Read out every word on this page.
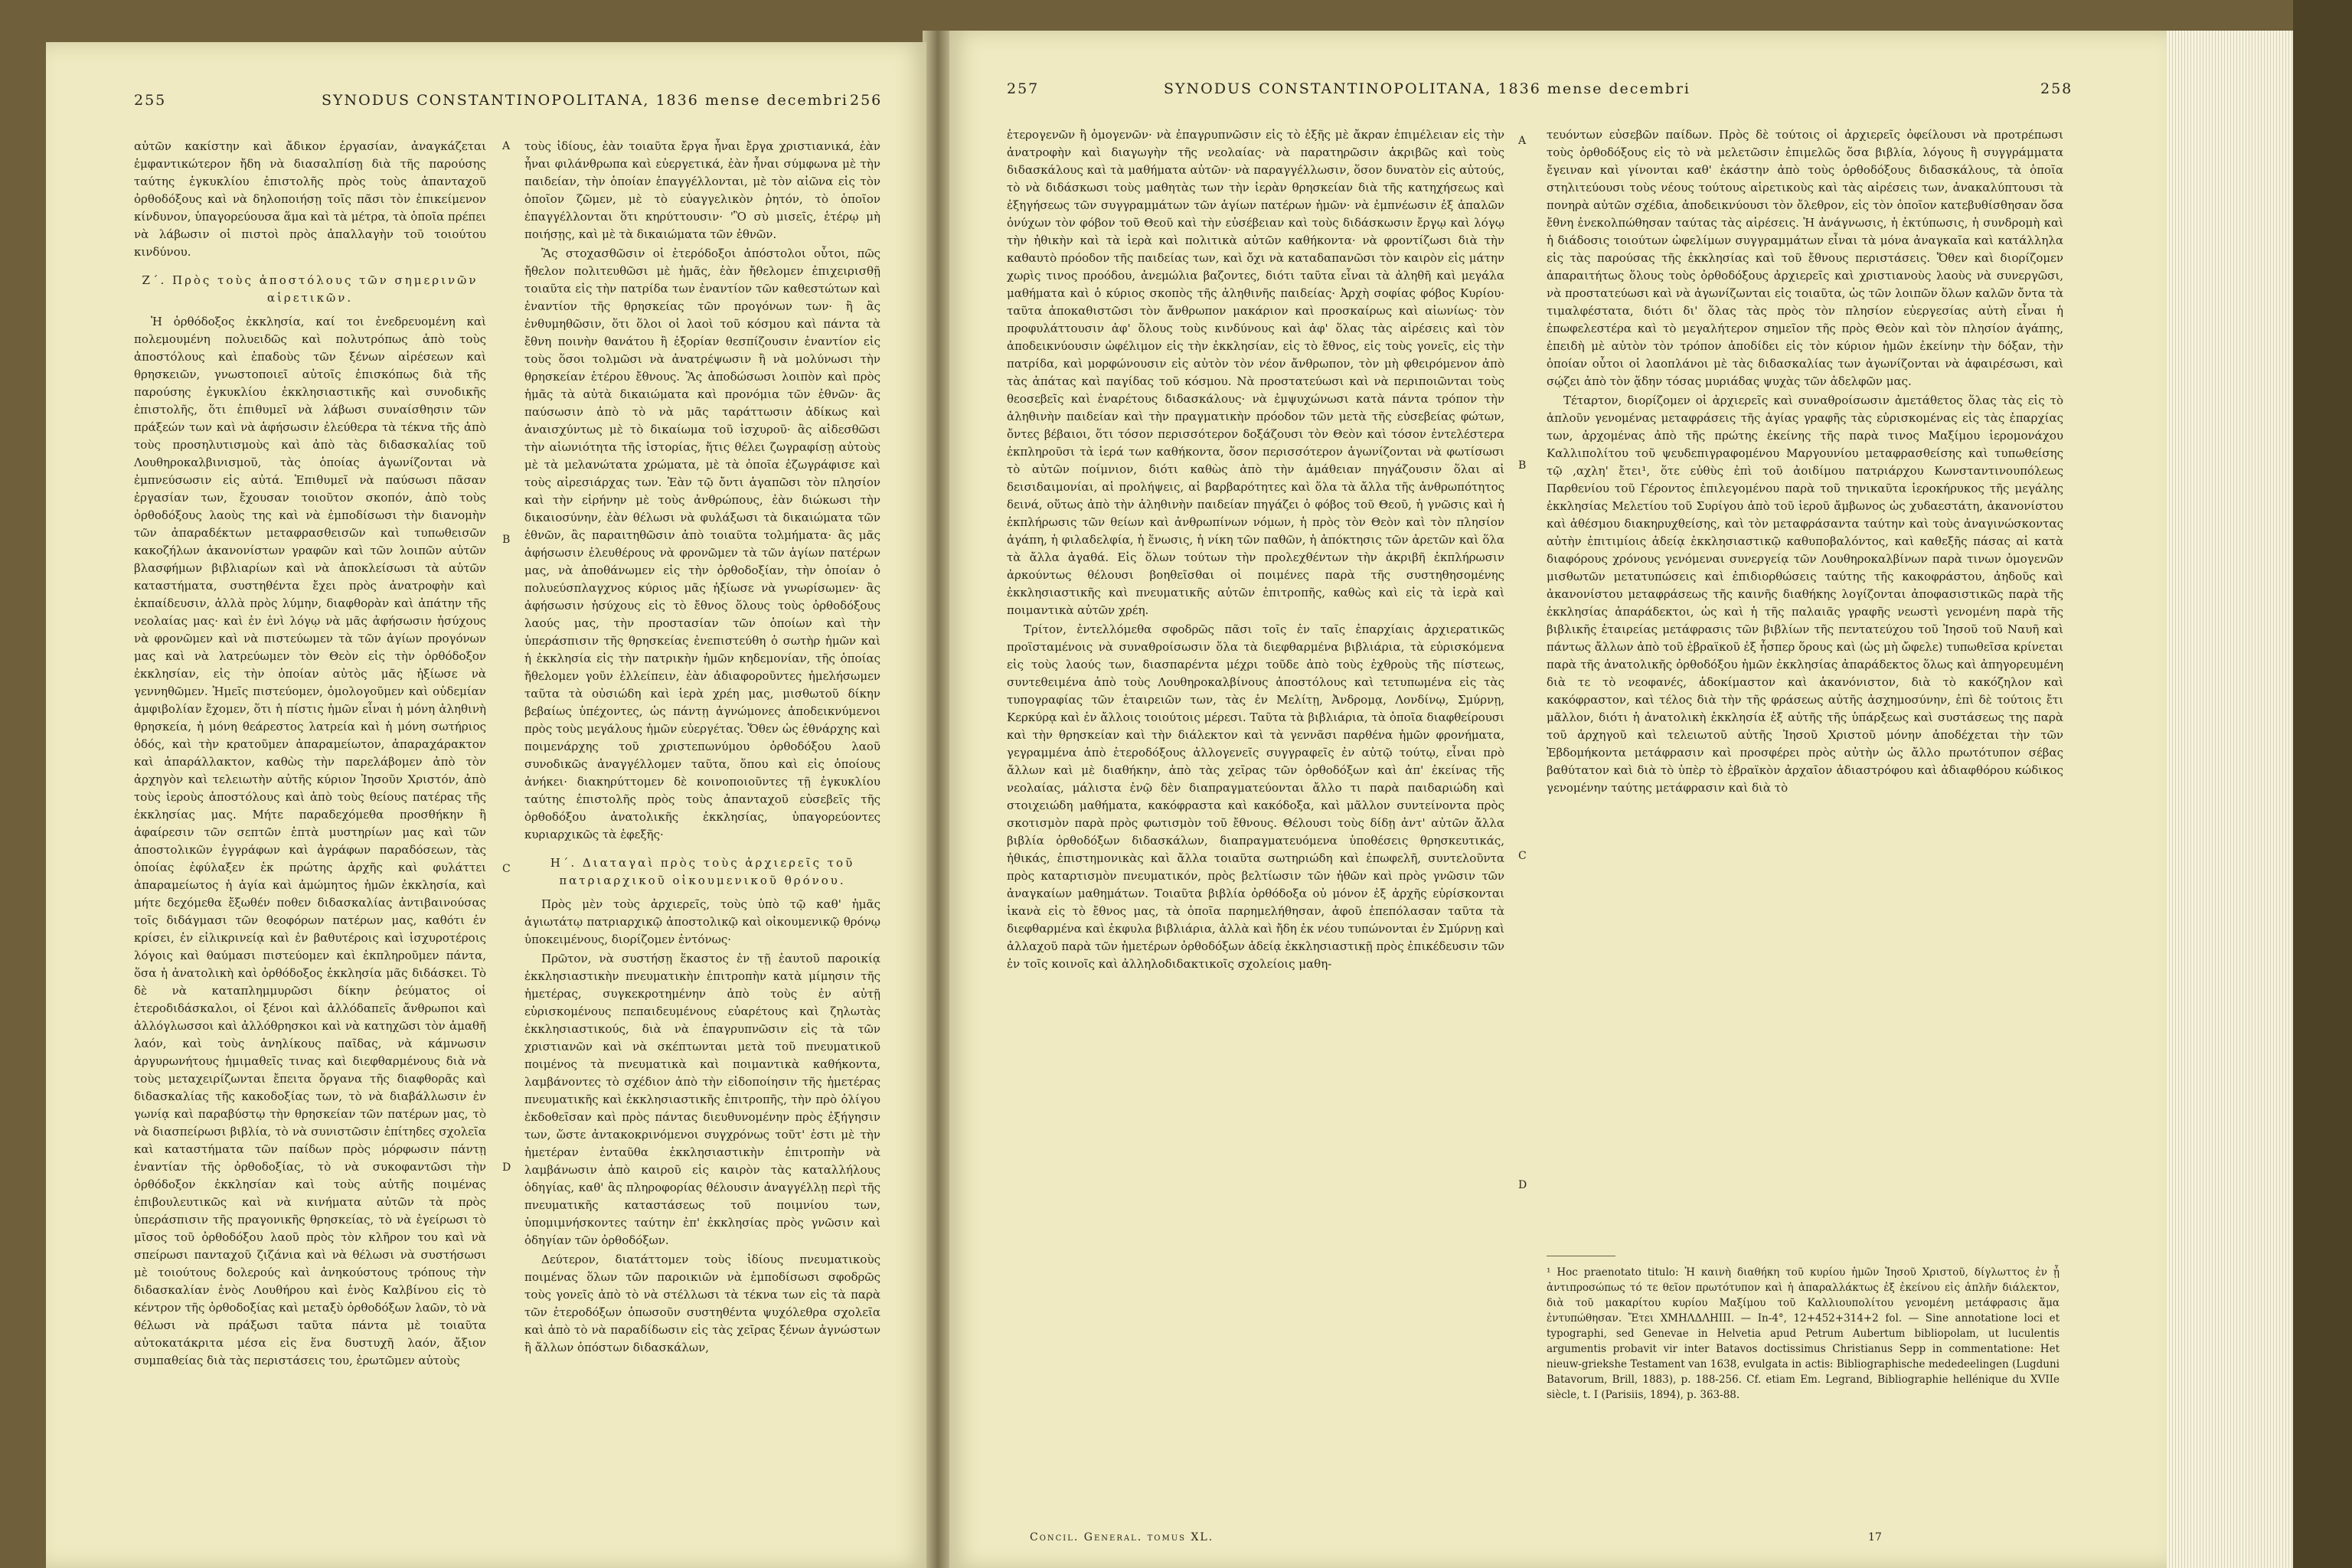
255	SYNODUS CONSTANTINOPOLITANA, 1836 mense decembri 256

αὐτῶν κακίστην καὶ ἄδικον ἐργασίαν, ἀναγκάζεται ἐμφαντικώτερον ἤδη νὰ διασαλπίσῃ διὰ τῆς παρούσης ταύτης ἐγκυκλίου ἐπιστολῆς πρὸς τοὺς ἁπανταχοῦ ὀρθοδόξους καὶ νὰ δηλοποιήσῃ τοῖς πᾶσι τὸν ἐπικείμενον κίνδυνον, ὑπαγορεύουσα ἅμα καὶ τὰ μέτρα, τὰ ὁποῖα πρέπει νὰ λάβωσιν οἱ πιστοὶ πρὸς ἀπαλλαγὴν τοῦ τοιούτου κινδύνου.

Ζ΄. Πρὸς τοὺς ἀποστόλους τῶν σημερινῶν αἱρετικῶν.

Ἡ ὀρθόδοξος ἐκκλησία, καί τοι ἐνεδρευομένη καὶ πολεμουμένη πολυειδῶς καὶ πολυτρόπως ἀπὸ τοὺς ἀποστόλους καὶ ἐπαδοὺς τῶν ξένων αἱρέσεων καὶ θρησκειῶν, γνωστοποιεῖ αὐτοῖς ἐπισκόπως διὰ τῆς παρούσης ἐγκυκλίου ἐκκλησιαστικῆς καὶ συνοδικῆς ἐπιστολῆς, ὅτι ἐπιθυμεῖ νὰ λάβωσι συναίσθησιν τῶν πράξεών των καὶ νὰ ἀφήσωσιν ἐλεύθερα τὰ τέκνα τῆς ἀπὸ τοὺς προσηλυτισμοὺς καὶ ἀπὸ τὰς διδασκαλίας τοῦ Λουθηροκαλβινισμοῦ, τὰς ὁποίας ἀγωνίζονται νὰ ἐμπνεύσωσιν εἰς αὐτά. Ἐπιθυμεῖ νὰ παύσωσι πᾶσαν ἐργασίαν των, ἔχουσαν τοιοῦτον σκοπόν, ἀπὸ τοὺς ὀρθοδόξους λαοὺς της καὶ νὰ ἐμποδίσωσι τὴν διανομὴν τῶν ἀπαραδέκτων μεταφρασθεισῶν καὶ τυπωθεισῶν κακοζήλων ἀκανονίστων γραφῶν καὶ τῶν λοιπῶν αὐτῶν βλασφήμων βιβλιαρίων καὶ νὰ ἀποκλείσωσι τὰ αὐτῶν καταστήματα, συστηθέντα ἔχει πρὸς ἀνατροφὴν καὶ ἐκπαίδευσιν, ἀλλὰ πρὸς λύμην, διαφθορὰν καὶ ἀπάτην τῆς νεολαίας μας· καὶ ἐν ἑνὶ λόγῳ νὰ μᾶς ἀφήσωσιν ἡσύχους νὰ φρονῶμεν καὶ νὰ πιστεύωμεν τὰ τῶν ἁγίων προγόνων μας καὶ νὰ λατρεύωμεν τὸν Θεὸν εἰς τὴν ὀρθόδοξον ἐκκλησίαν, εἰς τὴν ὁποίαν αὐτὸς μᾶς ἠξίωσε νὰ γεννηθῶμεν. Ἡμεῖς πιστεύομεν, ὁμολογοῦμεν καὶ οὐδεμίαν ἀμφιβολίαν ἔχομεν, ὅτι ἡ πίστις ἡμῶν εἶναι ἡ μόνη ἀληθινὴ θρησκεία, ἡ μόνη θεάρεστος λατρεία καὶ ἡ μόνη σωτήριος ὁδός, καὶ τὴν κρατοῦμεν ἀπαραμείωτον, ἀπαραχάρακτον καὶ ἀπαράλλακτον, καθὼς τὴν παρελάβομεν ἀπὸ τὸν ἀρχηγὸν καὶ τελειωτὴν αὐτῆς κύριον Ἰησοῦν Χριστόν, ἀπὸ τοὺς ἱεροὺς ἀποστόλους καὶ ἀπὸ τοὺς θείους πατέρας τῆς ἐκκλησίας μας. Μήτε παραδεχόμεθα προσθήκην ἢ ἀφαίρεσιν τῶν σεπτῶν ἑπτὰ μυστηρίων μας καὶ τῶν ἀποστολικῶν ἐγγράφων καὶ ἀγράφων παραδόσεων, τὰς ὁποίας ἐφύλαξεν ἐκ πρώτης ἀρχῆς καὶ φυλάττει ἀπαραμείωτος ἡ ἁγία καὶ ἀμώμητος ἡμῶν ἐκκλησία, καὶ μήτε δεχόμεθα ἔξωθέν ποθεν διδασκαλίας ἀντιβαινούσας τοῖς διδάγμασι τῶν θεοφόρων πατέρων μας, καθότι ἐν κρίσει, ἐν εἰλικρινείᾳ καὶ ἐν βαθυτέροις καὶ ἰσχυροτέροις λόγοις καὶ θαύμασι πιστεύομεν καὶ ἐκπληροῦμεν πάντα, ὅσα ἡ ἀνατολικὴ καὶ ὀρθόδοξος ἐκκλησία μᾶς διδάσκει. Τὸ δὲ νὰ καταπλημμυρῶσι δίκην ῥεύματος οἱ ἑτεροδιδάσκαλοι, οἱ ξένοι καὶ ἀλλόδαπεῖς ἄνθρωποι καὶ ἀλλόγλωσσοι καὶ ἀλλόθρησκοι καὶ νὰ κατηχῶσι τὸν ἁμαθῆ λαόν, καὶ τοὺς ἀνηλίκους παῖδας, νὰ κάμνωσιν ἀργυρωνήτους ἡμιμαθεῖς τινας καὶ διεφθαρμένους διὰ νὰ τοὺς μεταχειρίζωνται ἔπειτα ὄργανα τῆς διαφθορᾶς καὶ διδασκαλίας τῆς κακοδοξίας των, τὸ νὰ διαβάλλωσιν ἐν γωνίᾳ καὶ παραβύστῳ τὴν θρησκείαν τῶν πατέρων μας, τὸ νὰ διασπείρωσι βιβλία, τὸ νὰ συνιστῶσιν ἐπίτηδες σχολεῖα καὶ καταστήματα τῶν παίδων πρὸς μόρφωσιν πάντῃ ἐναντίαν τῆς ὀρθοδοξίας, τὸ νὰ συκοφαντῶσι τὴν ὀρθόδοξον ἐκκλησίαν καὶ τοὺς αὐτῆς ποιμένας ἐπιβουλευτικῶς καὶ νὰ κινήματα αὐτῶν τὰ πρὸς ὑπεράσπισιν τῆς πραγονικῆς θρησκείας, τὸ νὰ ἐγείρωσι τὸ μῖσος τοῦ ὀρθοδόξου λαοῦ πρὸς τὸν κλῆρον του καὶ νὰ σπείρωσι πανταχοῦ ζιζάνια καὶ νὰ θέλωσι νὰ συστήσωσι μὲ τοιούτους δολερούς καὶ ἀνηκούστους τρόπους τὴν διδασκαλίαν ἑνὸς Λουθήρου καὶ ἑνὸς Καλβίνου εἰς τὸ κέντρον τῆς ὀρθοδοξίας καὶ μεταξὺ ὀρθοδόξων λαῶν, τὸ νὰ θέλωσι νὰ πράξωσι ταῦτα πάντα μὲ τοιαῦτα αὐτοκατάκριτα μέσα εἰς ἕνα δυστυχῆ λαόν, ἄξιον συμπαθείας διὰ τὰς περιστάσεις του, ἐρωτῶμεν αὐτοὺς

τοὺς ἰδίους, ἐὰν τοιαῦτα ἔργα ἦναι ἔργα χριστιανικά, ἐὰν ἦναι φιλάνθρωπα καὶ εὐεργετικά, ἐὰν ἦναι σύμφωνα μὲ τὴν παιδείαν, τὴν ὁποίαν ἐπαγγέλλονται, μὲ τὸν αἰῶνα εἰς τὸν ὁποῖον ζῶμεν, μὲ τὸ εὐαγγελικὸν ῥητόν, τὸ ὁποῖον ἐπαγγέλλονται ὅτι κηρύττουσιν· 'Ὃ σὺ μισεῖς, ἑτέρῳ μὴ ποιήσῃς, καὶ μὲ τὰ δικαιώματα τῶν ἐθνῶν.

Ἂς στοχασθῶσιν οἱ ἑτερόδοξοι ἀπόστολοι οὗτοι, πῶς ἤθελον πολιτευθῶσι μὲ ἡμᾶς, ἐὰν ἤθελομεν ἐπιχειρισθῇ τοιαῦτα εἰς τὴν πατρίδα των ἐναντίον τῶν καθεστώτων καὶ ἐναντίον τῆς θρησκείας τῶν προγόνων των· ἢ ἂς ἐνθυμηθῶσιν, ὅτι ὅλοι οἱ λαοὶ τοῦ κόσμου καὶ πάντα τὰ ἔθνη ποινὴν θανάτου ἢ ἐξορίαν θεσπίζουσιν ἐναντίον εἰς τοὺς ὅσοι τολμῶσι νὰ ἀνατρέψωσιν ἢ νὰ μολύνωσι τὴν θρησκείαν ἑτέρου ἔθνους. Ἂς ἀποδώσωσι λοιπὸν καὶ πρὸς ἡμᾶς τὰ αὐτὰ δικαιώματα καὶ προνόμια τῶν ἐθνῶν· ἂς παύσωσιν ἀπὸ τὸ νὰ μᾶς ταράττωσιν ἀδίκως καὶ ἀναισχύντως μὲ τὸ δικαίωμα τοῦ ἰσχυροῦ· ἂς αἰδεσθῶσι τὴν αἰωνιότητα τῆς ἱστορίας, ἥτις θέλει ζωγραφίσῃ αὐτοὺς μὲ τὰ μελανώτατα χρώματα, μὲ τὰ ὁποῖα ἐζωγράφισε καὶ τοὺς αἱρεσιάρχας των. Ἐὰν τῷ ὄντι ἀγαπῶσι τὸν πλησίον καὶ τὴν εἰρήνην μὲ τοὺς ἀνθρώπους, ἐὰν διώκωσι τὴν δικαιοσύνην, ἐὰν θέλωσι νὰ φυλάξωσι τὰ δικαιώματα τῶν ἐθνῶν, ἂς παραιτηθῶσιν ἀπὸ τοιαῦτα τολμήματα· ἂς μᾶς ἀφήσωσιν ἐλευθέρους νὰ φρονῶμεν τὰ τῶν ἁγίων πατέρων μας, νὰ ἀποθάνωμεν εἰς τὴν ὀρθοδοξίαν, τὴν ὁποίαν ὁ πολυεύσπλαγχνος κύριος μᾶς ἠξίωσε νὰ γνωρίσωμεν· ἂς ἀφήσωσιν ἡσύχους εἰς τὸ ἔθνος ὅλους τοὺς ὀρθοδόξους λαούς μας, τὴν προστασίαν τῶν ὁποίων καὶ τὴν ὑπεράσπισιν τῆς θρησκείας ἐνεπιστεύθη ὁ σωτὴρ ἡμῶν καὶ ἡ ἐκκλησία εἰς τὴν πατρικὴν ἡμῶν κηδεμονίαν, τῆς ὁποίας ἤθελομεν γοῦν ἐλλείπειν, ἐὰν ἀδιαφοροῦντες ἠμελήσωμεν ταῦτα τὰ οὐσιώδη καὶ ἱερὰ χρέη μας, μισθωτοῦ δίκην βεβαίως ὑπέχοντες, ὡς πάντῃ ἀγνώμονες ἀποδεικνύμενοι πρὸς τοὺς μεγάλους ἡμῶν εὐεργέτας. Ὅθεν ὡς ἐθνάρχης καὶ ποιμενάρχης τοῦ χριστεπωνύμου ὀρθοδόξου λαοῦ συνοδικῶς ἀναγγέλλομεν ταῦτα, ὅπου καὶ εἰς ὁποίους ἀνήκει· διακηρύττομεν δὲ κοινοποιοῦντες τῇ ἐγκυκλίου ταύτης ἐπιστολῆς πρὸς τοὺς ἁπανταχοῦ εὐσεβεῖς τῆς ὀρθοδόξου ἀνατολικῆς ἐκκλησίας, ὑπαγορεύοντες κυριαρχικῶς τὰ ἐφεξῆς·

Η΄. Διαταγαὶ πρὸς τοὺς ἀρχιερεῖς τοῦ πατριαρχικοῦ οἰκουμενικοῦ θρόνου.

Πρὸς μὲν τοὺς ἀρχιερεῖς, τοὺς ὑπὸ τῷ καθ' ἡμᾶς ἁγιωτάτῳ πατριαρχικῷ ἀποστολικῷ καὶ οἰκουμενικῷ θρόνῳ ὑποκειμένους, διορίζομεν ἐντόνως·

Πρῶτον, νὰ συστήσῃ ἕκαστος ἐν τῇ ἑαυτοῦ παροικίᾳ ἐκκλησιαστικὴν πνευματικὴν ἐπιτροπὴν κατὰ μίμησιν τῆς ἡμετέρας, συγκεκροτημένην ἀπὸ τοὺς ἐν αὐτῇ εὑρισκομένους πεπαιδευμένους εὐαρέτους καὶ ζηλωτὰς ἐκκλησιαστικούς, διὰ νὰ ἐπαγρυπνῶσιν εἰς τὰ τῶν χριστιανῶν καὶ νὰ σκέπτωνται μετὰ τοῦ πνευματικοῦ ποιμένος τὰ πνευματικὰ καὶ ποιμαντικὰ καθήκοντα, λαμβάνοντες τὸ σχέδιον ἀπὸ τὴν εἰδοποίησιν τῆς ἡμετέρας πνευματικῆς καὶ ἐκκλησιαστικῆς ἐπιτροπῆς, τὴν πρὸ ὀλίγου ἐκδοθεῖσαν καὶ πρὸς πάντας διευθυνομένην πρὸς ἐξήγησιν των, ὥστε ἀντακοκρινόμενοι συγχρόνως τοῦτ' ἐστι μὲ τὴν ἡμετέραν ἐνταῦθα ἐκκλησιαστικὴν ἐπιτροπὴν νὰ λαμβάνωσιν ἀπὸ καιροῦ εἰς καιρὸν τὰς καταλλήλους ὁδηγίας, καθ' ἃς πληροφορίας θέλουσιν ἀναγγέλλῃ περὶ τῆς πνευματικῆς καταστάσεως τοῦ ποιμνίου των, ὑπομιμνήσκοντες ταύτην ἐπ' ἐκκλησίας πρὸς γνῶσιν καὶ ὁδηγίαν τῶν ὀρθοδόξων.

Δεύτερον, διατάττομεν τοὺς ἰδίους πνευματικοὺς ποιμένας ὅλων τῶν παροικιῶν νὰ ἐμποδίσωσι σφοδρῶς τοὺς γονεῖς ἀπὸ τὸ νὰ στέλλωσι τὰ τέκνα των εἰς τὰ παρὰ τῶν ἑτεροδόξων ὁπωσοῦν συστηθέντα ψυχόλεθρα σχολεῖα καὶ ἀπὸ τὸ νὰ παραδίδωσιν εἰς τὰς χεῖρας ξένων ἀγνώστων ἢ ἄλλων ὁπόστων διδασκάλων,

A
B
C
D
257	SYNODUS CONSTANTINOPOLITANA, 1836 mense decembri	258

ἑτερογενῶν ἢ ὁμογενῶν· νὰ ἐπαγρυπνῶσιν εἰς τὸ ἑξῆς μὲ ἄκραν ἐπιμέλειαν εἰς τὴν ἀνατροφὴν καὶ διαγωγὴν τῆς νεολαίας· νὰ παρατηρῶσιν ἀκριβῶς καὶ τοὺς διδασκάλους καὶ τὰ μαθήματα αὐτῶν· νὰ παραγγέλλωσιν, ὅσον δυνατὸν εἰς αὐτούς, τὸ νὰ διδάσκωσι τοὺς μαθητὰς των τὴν ἱερὰν θρησκείαν διὰ τῆς κατηχήσεως καὶ ἐξηγήσεως τῶν συγγραμμάτων τῶν ἁγίων πατέρων ἡμῶν· νὰ ἐμπνέωσιν ἐξ ἁπαλῶν ὀνύχων τὸν φόβον τοῦ Θεοῦ καὶ τὴν εὐσέβειαν καὶ τοὺς διδάσκωσιν ἔργῳ καὶ λόγῳ τὴν ἠθικὴν καὶ τὰ ἱερὰ καὶ πολιτικὰ αὐτῶν καθήκοντα· νὰ φροντίζωσι διὰ τὴν καθαυτὸ πρόοδον τῆς παιδείας των, καὶ ὄχι νὰ καταδαπανῶσι τὸν καιρὸν εἰς μάτην χωρὶς τινος προόδου, ἀνεμώλια βαζοντες, διότι ταῦτα εἶναι τὰ ἀληθῆ καὶ μεγάλα μαθήματα καὶ ὁ κύριος σκοπὸς τῆς ἀληθινῆς παιδείας· Ἀρχὴ σοφίας φόβος Κυρίου· ταῦτα ἀποκαθιστῶσι τὸν ἄνθρωπον μακάριον καὶ προσκαίρως καὶ αἰωνίως· τὸν προφυλάττουσιν ἀφ' ὅλους τοὺς κινδύνους καὶ ἀφ' ὅλας τὰς αἱρέσεις καὶ τὸν ἀποδεικνύουσιν ὠφέλιμον εἰς τὴν ἐκκλησίαν, εἰς τὸ ἔθνος, εἰς τοὺς γονεῖς, εἰς τὴν πατρίδα, καὶ μορφώνουσιν εἰς αὐτὸν τὸν νέον ἄνθρωπον, τὸν μὴ φθειρόμενον ἀπὸ τὰς ἀπάτας καὶ παγίδας τοῦ κόσμου. Νὰ προστατεύωσι καὶ νὰ περιποιῶνται τοὺς θεοσεβεῖς καὶ ἐναρέτους διδασκάλους· νὰ ἐμψυχώνωσι κατὰ πάντα τρόπον τὴν ἀληθινὴν παιδείαν καὶ τὴν πραγματικὴν πρόοδον τῶν μετὰ τῆς εὐσεβείας φώτων, ὄντες βέβαιοι, ὅτι τόσον περισσότερον δοξάζουσι τὸν Θεὸν καὶ τόσον ἐντελέστερα ἐκπληροῦσι τὰ ἱερά των καθήκοντα, ὅσον περισσότερον ἀγωνίζονται νὰ φωτίσωσι τὸ αὐτῶν ποίμνιον, διότι καθὼς ἀπὸ τὴν ἀμάθειαν πηγάζουσιν ὅλαι αἱ δεισιδαιμονίαι, αἱ προλήψεις, αἱ βαρβαρότητες καὶ ὅλα τὰ ἄλλα τῆς ἀνθρωπότητος δεινά, οὕτως ἀπὸ τὴν ἀληθινὴν παιδείαν πηγάζει ὁ φόβος τοῦ Θεοῦ, ἡ γνῶσις καὶ ἡ ἐκπλήρωσις τῶν θείων καὶ ἀνθρωπίνων νόμων, ἡ πρὸς τὸν Θεὸν καὶ τὸν πλησίον ἀγάπη, ἡ φιλαδελφία, ἡ ἕνωσις, ἡ νίκη τῶν παθῶν, ἡ ἀπόκτησις τῶν ἀρετῶν καὶ ὅλα τὰ ἄλλα ἀγαθά. Εἰς ὅλων τούτων τὴν προλεχθέντων τὴν ἀκριβῆ ἐκπλήρωσιν ἀρκούντως θέλουσι βοηθεῖσθαι οἱ ποιμένες παρὰ τῆς συστηθησομένης ἐκκλησιαστικῆς καὶ πνευματικῆς αὐτῶν ἐπιτροπῆς, καθὼς καὶ εἰς τὰ ἱερὰ καὶ ποιμαντικὰ αὐτῶν χρέη.

Τρίτον, ἐντελλόμεθα σφοδρῶς πᾶσι τοῖς ἐν ταῖς ἐπαρχίαις ἀρχιερατικῶς προϊσταμένοις νὰ συναθροίσωσιν ὅλα τὰ διεφθαρμένα βιβλιάρια, τὰ εὑρισκόμενα εἰς τοὺς λαούς των, διασπαρέντα μέχρι τοῦδε ἀπὸ τοὺς ἐχθροὺς τῆς πίστεως, συντεθειμένα ἀπὸ τοὺς Λουθηροκαλβίνους ἀποστόλους καὶ τετυπωμένα εἰς τὰς τυπογραφίας τῶν ἑταιρειῶν των, τὰς ἐν Μελίτῃ, Ἀνδρομᾳ, Λονδίνῳ, Σμύρνῃ, Κερκύρᾳ καὶ ἐν ἄλλοις τοιούτοις μέρεσι. Ταῦτα τὰ βιβλιάρια, τὰ ὁποῖα διαφθείρουσι καὶ τὴν θρησκείαν καὶ τὴν διάλεκτον καὶ τὰ γεννᾶσι παρθένα ἡμῶν φρονήματα, γεγραμμένα ἀπὸ ἑτεροδόξους ἀλλογενεῖς συγγραφεῖς ἐν αὐτῷ τούτῳ, εἶναι πρὸ ἄλλων καὶ μὲ διαθήκην, ἀπὸ τὰς χεῖρας τῶν ὀρθοδόξων καὶ ἀπ' ἐκείνας τῆς νεολαίας, μάλιστα ἐνῷ δὲν διαπραγματεύονται ἄλλο τι παρὰ παιδαριώδη καὶ στοιχειώδη μαθήματα, κακόφραστα καὶ κακόδοξα, καὶ μᾶλλον συντείνοντα πρὸς σκοτισμὸν παρὰ πρὸς φωτισμὸν τοῦ ἔθνους. Θέλουσι τοὺς δίδῃ ἀντ' αὐτῶν ἄλλα βιβλία ὀρθοδόξων διδασκάλων, διαπραγματευόμενα ὑποθέσεις θρησκευτικάς, ἠθικάς, ἐπιστημονικὰς καὶ ἄλλα τοιαῦτα σωτηριώδη καὶ ἐπωφελῆ, συντελοῦντα πρὸς καταρτισμὸν πνευματικόν, πρὸς βελτίωσιν τῶν ἠθῶν καὶ πρὸς γνῶσιν τῶν ἀναγκαίων μαθημάτων. Τοιαῦτα βιβλία ὀρθόδοξα οὐ μόνον ἐξ ἀρχῆς εὑρίσκονται ἱκανὰ εἰς τὸ ἔθνος μας, τὰ ὁποῖα παρημελήθησαν, ἀφοῦ ἐπεπόλασαν ταῦτα τὰ διεφθαρμένα καὶ ἐκφυλα βιβλιάρια, ἀλλὰ καὶ ἤδη ἐκ νέου τυπώνονται ἐν Σμύρνῃ καὶ ἀλλαχοῦ παρὰ τῶν ἡμετέρων ὀρθοδόξων ἀδείᾳ ἐκκλησιαστικῇ πρὸς ἐπικέδευσιν τῶν ἐν τοῖς κοινοῖς καὶ ἀλληλοδιδακτικοῖς σχολείοις μαθη-

τευόντων εὐσεβῶν παίδων. Πρὸς δὲ τούτοις οἱ ἀρχιερεῖς ὀφείλουσι νὰ προτρέπωσι τοὺς ὀρθοδόξους εἰς τὸ νὰ μελετῶσιν ἐπιμελῶς ὅσα βιβλία, λόγους ἢ συγγράμματα ἔγειναν καὶ γίνονται καθ' ἑκάστην ἀπὸ τοὺς ὀρθοδόξους διδασκάλους, τὰ ὁποῖα στηλιτεύουσι τοὺς νέους τούτους αἱρετικοὺς καὶ τὰς αἱρέσεις των, ἀνακαλύπτουσι τὰ πονηρὰ αὐτῶν σχέδια, ἀποδεικνύουσι τὸν ὄλεθρον, εἰς τὸν ὁποῖον κατεβυθίσθησαν ὅσα ἔθνη ἐνεκολπώθησαν ταύτας τὰς αἱρέσεις. Ἡ ἀνάγνωσις, ἡ ἐκτύπωσις, ἡ συνδρομὴ καὶ ἡ διάδοσις τοιούτων ὠφελίμων συγγραμμάτων εἶναι τὰ μόνα ἀναγκαῖα καὶ κατάλληλα εἰς τὰς παρούσας τῆς ἐκκλησίας καὶ τοῦ ἔθνους περιστάσεις. Ὅθεν καὶ διορίζομεν ἀπαραιτήτως ὅλους τοὺς ὀρθοδόξους ἀρχιερεῖς καὶ χριστιανοὺς λαοὺς νὰ συνεργῶσι, νὰ προστατεύωσι καὶ νὰ ἀγωνίζωνται εἰς τοιαῦτα, ὡς τῶν λοιπῶν ὅλων καλῶν ὄντα τὰ τιμαλφέστατα, διότι δι' ὅλας τὰς πρὸς τὸν πλησίον εὐεργεσίας αὐτὴ εἶναι ἡ ἐπωφελεστέρα καὶ τὸ μεγαλήτερον σημεῖον τῆς πρὸς Θεὸν καὶ τὸν πλησίον ἀγάπης, ἐπειδὴ μὲ αὐτὸν τὸν τρόπον ἀποδίδει εἰς τὸν κύριον ἡμῶν ἐκείνην τὴν δόξαν, τὴν ὁποίαν οὗτοι οἱ λαοπλάνοι μὲ τὰς διδασκαλίας των ἀγωνίζονται νὰ ἀφαιρέσωσι, καὶ σῴζει ἀπὸ τὸν ᾅδην τόσας μυριάδας ψυχὰς τῶν ἀδελφῶν μας.

Τέταρτον, διορίζομεν οἱ ἀρχιερεῖς καὶ συναθροίσωσιν ἀμετάθετος ὅλας τὰς εἰς τὸ ἁπλοῦν γενομένας μεταφράσεις τῆς ἁγίας γραφῆς τὰς εὑρισκομένας εἰς τὰς ἐπαρχίας των, ἀρχομένας ἀπὸ τῆς πρώτης ἐκείνης τῆς παρὰ τινος Μαξίμου ἱερομονάχου Καλλιπολίτου τοῦ ψευδεπιγραφομένου Μαργουνίου μεταφρασθείσης καὶ τυπωθείσης τῷ ,αχλη' ἔτει¹, ὅτε εὐθὺς ἐπὶ τοῦ ἀοιδίμου πατριάρχου Κωνσταντινουπόλεως Παρθενίου τοῦ Γέροντος ἐπιλεγομένου παρὰ τοῦ τηνικαῦτα ἱεροκήρυκος τῆς μεγάλης ἐκκλησίας Μελετίου τοῦ Συρίγου ἀπὸ τοῦ ἱεροῦ ἄμβωνος ὡς χυδαεστάτη, ἀκανονίστου καὶ ἀθέσμου διακηρυχθείσης, καὶ τὸν μεταφράσαντα ταύτην καὶ τοὺς ἀναγινώσκοντας αὐτὴν ἐπιτιμίοις ἀδείᾳ ἐκκλησιαστικῷ καθυποβαλόντος, καὶ καθεξῆς πάσας αἱ κατὰ διαφόρους χρόνους γενόμεναι συνεργείᾳ τῶν Λουθηροκαλβίνων παρὰ τινων ὁμογενῶν μισθωτῶν μετατυπώσεις καὶ ἐπιδιορθώσεις ταύτης τῆς κακοφράστου, ἀηδοῦς καὶ ἀκανονίστου μεταφράσεως τῆς καινῆς διαθήκης λογίζονται ἀποφασιστικῶς παρὰ τῆς ἐκκλησίας ἀπαράδεκτοι, ὡς καὶ ἡ τῆς παλαιᾶς γραφῆς νεωστὶ γενομένη παρὰ τῆς βιβλικῆς ἑταιρείας μετάφρασις τῶν βιβλίων τῆς πεντατεύχου τοῦ Ἰησοῦ τοῦ Ναυῆ καὶ πάντως ἄλλων ἀπὸ τοῦ ἑβραϊκοῦ ἐξ ἧσπερ ὅρους καὶ (ὡς μὴ ὤφελε) τυπωθεῖσα κρίνεται παρὰ τῆς ἀνατολικῆς ὀρθοδόξου ἡμῶν ἐκκλησίας ἀπαράδεκτος ὅλως καὶ ἀπηγορευμένη διὰ τε τὸ νεοφανές, ἀδοκίμαστον καὶ ἀκανόνιστον, διὰ τὸ κακόζηλον καὶ κακόφραστον, καὶ τέλος διὰ τὴν τῆς φράσεως αὐτῆς ἀσχημοσύνην, ἐπὶ δὲ τούτοις ἔτι μᾶλλον, διότι ἡ ἀνατολικὴ ἐκκλησία ἐξ αὐτῆς τῆς ὑπάρξεως καὶ συστάσεως της παρὰ τοῦ ἀρχηγοῦ καὶ τελειωτοῦ αὐτῆς Ἰησοῦ Χριστοῦ μόνην ἀποδέχεται τὴν τῶν Ἑβδομήκοντα μετάφρασιν καὶ προσφέρει πρὸς αὐτὴν ὡς ἄλλο πρωτότυπον σέβας βαθύτατον καὶ διὰ τὸ ὑπὲρ τὸ ἑβραϊκὸν ἀρχαῖον ἀδιαστρόφου καὶ ἀδιαφθόρου κώδικος γενομένην ταύτης μετάφρασιν καὶ διὰ τὸ

A
B
C
D
¹ Hoc praenotato titulo: Ἡ καινὴ διαθήκη τοῦ κυρίου ἡμῶν Ἰησοῦ Χριστοῦ, δίγλωττος ἐν ᾗ ἀντιπροσώπως τό τε θεῖον πρωτότυπον καὶ ἡ ἀπαραλλάκτως ἐξ ἐκείνου εἰς ἁπλῆν διάλεκτον, διὰ τοῦ μακαρίτου κυρίου Μαξίμου τοῦ Καλλιουπολίτου γενομένη μετάφρασις ἅμα ἐντυπώθησαν. Ἔτει ΧΜΗΛΔΛΗΙΙΙ. — In-4°, 12+452+314+2 fol. — Sine annotatione loci et typographi, sed Genevae in Helvetia apud Petrum Aubertum bibliopolam, ut luculentis argumentis probavit vir inter Batavos doctissimus Christianus Sepp in commentatione: Het nieuw-griekshe Testament van 1638, evulgata in actis: Bibliographische mededeelingen (Lugduni Batavorum, Brill, 1883), p. 188-256. Cf. etiam Em. Legrand, Bibliographie hellénique du XVIIe siècle, t. I (Parisiis, 1894), p. 363-88.
Concil. General. tomus XL.	17
